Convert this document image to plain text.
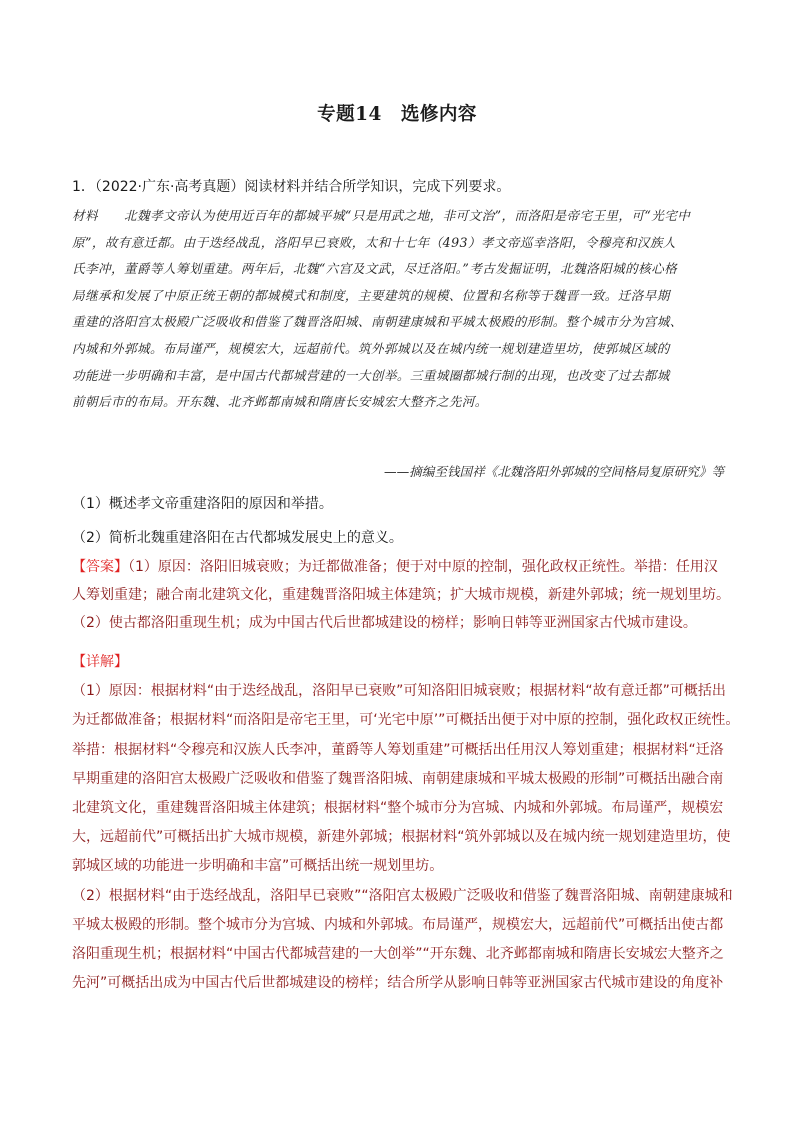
专题14　选修内容
1．（2022·广东·高考真题）阅读材料并结合所学知识，完成下列要求。
材料　　北魏孝文帝认为使用近百年的都城平城“只是用武之地，非可文治”，而洛阳是帝宅王里，可“光宅中
原”，故有意迁都。由于迭经战乱，洛阳早已衰败，太和十七年（493）孝文帝巡幸洛阳，令穆亮和汉族人
氏李冲，董爵等人筹划重建。两年后，北魏“六宫及文武，尽迁洛阳。”考古发掘证明，北魏洛阳城的核心格
局继承和发展了中原正统王朝的都城模式和制度，主要建筑的规模、位置和名称等于魏晋一致。迁洛早期
重建的洛阳宫太极殿广泛吸收和借鉴了魏晋洛阳城、南朝建康城和平城太极殿的形制。整个城市分为宫城、
内城和外郭城。布局谨严，规模宏大，远超前代。筑外郭城以及在城内统一规划建造里坊，使郭城区域的
功能进一步明确和丰富，是中国古代都城营建的一大创举。三重城圈都城行制的出现，也改变了过去都城
前朝后市的布局。开东魏、北齐邺都南城和隋唐长安城宏大整齐之先河。
——摘编至钱国祥《北魏洛阳外郭城的空间格局复原研究》等
（1）概述孝文帝重建洛阳的原因和举措。
（2）简析北魏重建洛阳在古代都城发展史上的意义。
【答案】（1）原因：洛阳旧城衰败；为迁都做准备；便于对中原的控制，强化政权正统性。举措：任用汉
人筹划重建；融合南北建筑文化，重建魏晋洛阳城主体建筑；扩大城市规模，新建外郭城；统一规划里坊。
（2）使古都洛阳重现生机；成为中国古代后世都城建设的榜样；影响日韩等亚洲国家古代城市建设。
【详解】
（1）原因：根据材料“由于迭经战乱，洛阳早已衰败”可知洛阳旧城衰败；根据材料“故有意迁都”可概括出
为迁都做准备；根据材料“而洛阳是帝宅王里，可‘光宅中原’”可概括出便于对中原的控制，强化政权正统性。
举措：根据材料“令穆亮和汉族人氏李冲，董爵等人筹划重建”可概括出任用汉人筹划重建；根据材料“迁洛
早期重建的洛阳宫太极殿广泛吸收和借鉴了魏晋洛阳城、南朝建康城和平城太极殿的形制”可概括出融合南
北建筑文化，重建魏晋洛阳城主体建筑；根据材料“整个城市分为宫城、内城和外郭城。布局谨严，规模宏
大，远超前代”可概括出扩大城市规模，新建外郭城；根据材料“筑外郭城以及在城内统一规划建造里坊，使
郭城区域的功能进一步明确和丰富”可概括出统一规划里坊。
（2）根据材料“由于迭经战乱，洛阳早已衰败”“洛阳宫太极殿广泛吸收和借鉴了魏晋洛阳城、南朝建康城和
平城太极殿的形制。整个城市分为宫城、内城和外郭城。布局谨严，规模宏大，远超前代”可概括出使古都
洛阳重现生机；根据材料“中国古代都城营建的一大创举”“开东魏、北齐邺都南城和隋唐长安城宏大整齐之
先河”可概括出成为中国古代后世都城建设的榜样；结合所学从影响日韩等亚洲国家古代城市建设的角度补
